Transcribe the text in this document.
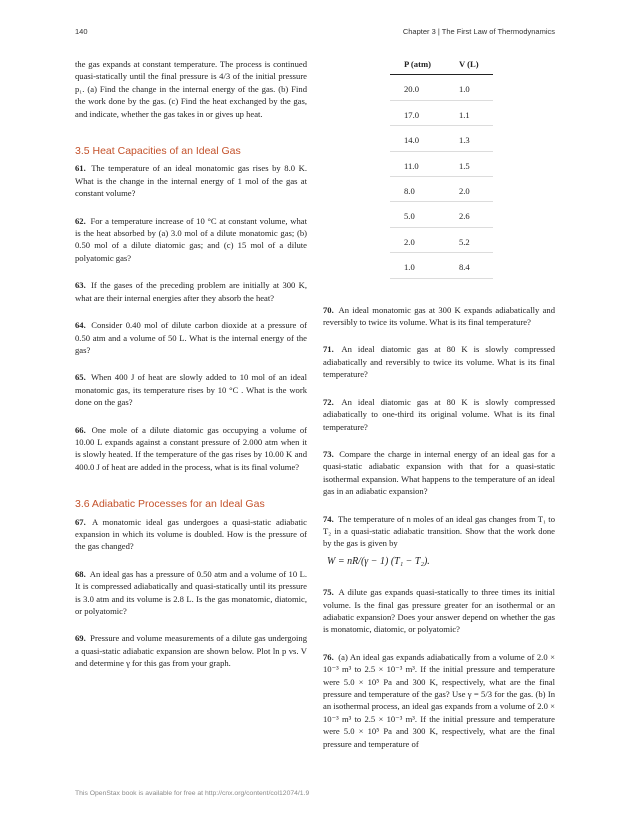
140	Chapter 3 | The First Law of Thermodynamics

the gas expands at constant temperature. The process is continued quasi-statically until the final pressure is 4/3 of the initial pressure p₁. (a) Find the change in the internal energy of the gas. (b) Find the work done by the gas. (c) Find the heat exchanged by the gas, and indicate, whether the gas takes in or gives up heat.

3.5 Heat Capacities of an Ideal Gas

61. The temperature of an ideal monatomic gas rises by 8.0 K. What is the change in the internal energy of 1 mol of the gas at constant volume?

62. For a temperature increase of 10 °C at constant volume, what is the heat absorbed by (a) 3.0 mol of a dilute monatomic gas; (b) 0.50 mol of a dilute diatomic gas; and (c) 15 mol of a dilute polyatomic gas?

63. If the gases of the preceding problem are initially at 300 K, what are their internal energies after they absorb the heat?

64. Consider 0.40 mol of dilute carbon dioxide at a pressure of 0.50 atm and a volume of 50 L. What is the internal energy of the gas?

65. When 400 J of heat are slowly added to 10 mol of an ideal monatomic gas, its temperature rises by 10 °C . What is the work done on the gas?

66. One mole of a dilute diatomic gas occupying a volume of 10.00 L expands against a constant pressure of 2.000 atm when it is slowly heated. If the temperature of the gas rises by 10.00 K and 400.0 J of heat are added in the process, what is its final volume?

3.6 Adiabatic Processes for an Ideal Gas

67. A monatomic ideal gas undergoes a quasi-static adiabatic expansion in which its volume is doubled. How is the pressure of the gas changed?

68. An ideal gas has a pressure of 0.50 atm and a volume of 10 L. It is compressed adiabatically and quasi-statically until its pressure is 3.0 atm and its volume is 2.8 L. Is the gas monatomic, diatomic, or polyatomic?

69. Pressure and volume measurements of a dilute gas undergoing a quasi-static adiabatic expansion are shown below. Plot ln p vs. V and determine γ for this gas from your graph.

P (atm)	V (L)
20.0	1.0
17.0	1.1
14.0	1.3
11.0	1.5
8.0	2.0
5.0	2.6
2.0	5.2
1.0	8.4

70. An ideal monatomic gas at 300 K expands adiabatically and reversibly to twice its volume. What is its final temperature?

71. An ideal diatomic gas at 80 K is slowly compressed adiabatically and reversibly to twice its volume. What is its final temperature?

72. An ideal diatomic gas at 80 K is slowly compressed adiabatically to one-third its original volume. What is its final temperature?

73. Compare the charge in internal energy of an ideal gas for a quasi-static adiabatic expansion with that for a quasi-static isothermal expansion. What happens to the temperature of an ideal gas in an adiabatic expansion?

74. The temperature of n moles of an ideal gas changes from T₁ to T₂ in a quasi-static adiabatic transition. Show that the work done by the gas is given by

W = nR/(γ − 1) (T₁ − T₂).

75. A dilute gas expands quasi-statically to three times its initial volume. Is the final gas pressure greater for an isothermal or an adiabatic expansion? Does your answer depend on whether the gas is monatomic, diatomic, or polyatomic?

76. (a) An ideal gas expands adiabatically from a volume of 2.0 × 10⁻³ m³ to 2.5 × 10⁻³ m³. If the initial pressure and temperature were 5.0 × 10⁵ Pa and 300 K, respectively, what are the final pressure and temperature of the gas? Use γ = 5/3 for the gas. (b) In an isothermal process, an ideal gas expands from a volume of 2.0 × 10⁻³ m³ to 2.5 × 10⁻³ m³. If the initial pressure and temperature were 5.0 × 10⁵ Pa and 300 K, respectively, what are the final pressure and temperature of

This OpenStax book is available for free at http://cnx.org/content/col12074/1.9
